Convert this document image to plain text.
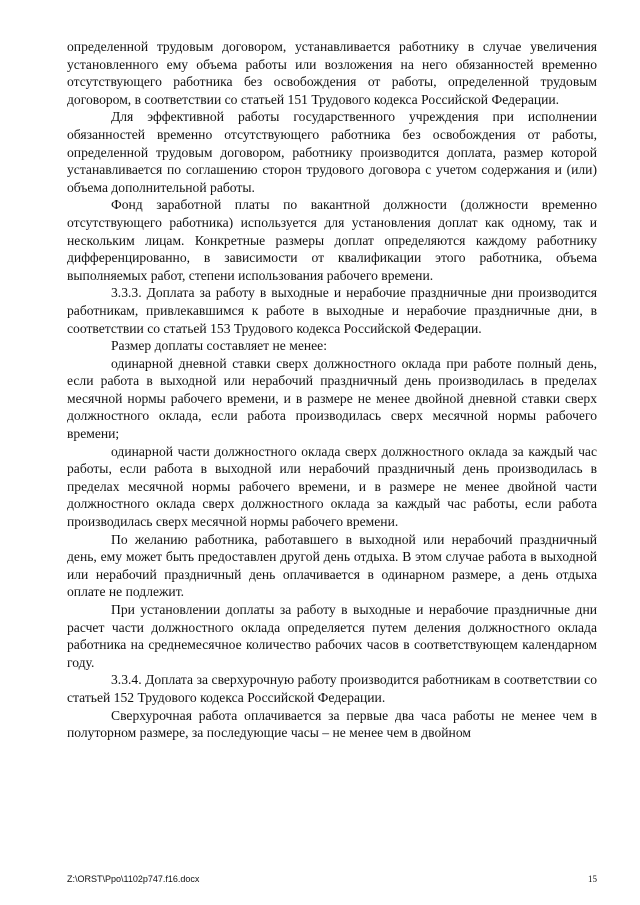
определенной трудовым договором, устанавливается работнику в случае увеличения установленного ему объема работы или возложения на него обязанностей временно отсутствующего работника без освобождения от работы, определенной трудовым договором, в соответствии со статьей 151 Трудового кодекса Российской Федерации.

Для эффективной работы государственного учреждения при исполнении обязанностей временно отсутствующего работника без освобождения от работы, определенной трудовым договором, работнику производится доплата, размер которой устанавливается по соглашению сторон трудового договора с учетом содержания и (или) объема дополнительной работы.

Фонд заработной платы по вакантной должности (должности временно отсутствующего работника) используется для установления доплат как одному, так и нескольким лицам. Конкретные размеры доплат определяются каждому работнику дифференцированно, в зависимости от квалификации этого работника, объема выполняемых работ, степени использования рабочего времени.

3.3.3. Доплата за работу в выходные и нерабочие праздничные дни производится работникам, привлекавшимся к работе в выходные и нерабочие праздничные дни, в соответствии со статьей 153 Трудового кодекса Российской Федерации.

Размер доплаты составляет не менее:

одинарной дневной ставки сверх должностного оклада при работе полный день, если работа в выходной или нерабочий праздничный день производилась в пределах месячной нормы рабочего времени, и в размере не менее двойной дневной ставки сверх должностного оклада, если работа производилась сверх месячной нормы рабочего времени;

одинарной части должностного оклада сверх должностного оклада за каждый час работы, если работа в выходной или нерабочий праздничный день производилась в пределах месячной нормы рабочего времени, и в размере не менее двойной части должностного оклада сверх должностного оклада за каждый час работы, если работа производилась сверх месячной нормы рабочего времени.

По желанию работника, работавшего в выходной или нерабочий праздничный день, ему может быть предоставлен другой день отдыха. В этом случае работа в выходной или нерабочий праздничный день оплачивается в одинарном размере, а день отдыха оплате не подлежит.

При установлении доплаты за работу в выходные и нерабочие праздничные дни расчет части должностного оклада определяется путем деления должностного оклада работника на среднемесячное количество рабочих часов в соответствующем календарном году.

3.3.4. Доплата за сверхурочную работу производится работникам в соответствии со статьей 152 Трудового кодекса Российской Федерации.

Сверхурочная работа оплачивается за первые два часа работы не менее чем в полуторном размере, за последующие часы – не менее чем в двойном

Z:\ORST\Ppo\1102p747.f16.docx	15
